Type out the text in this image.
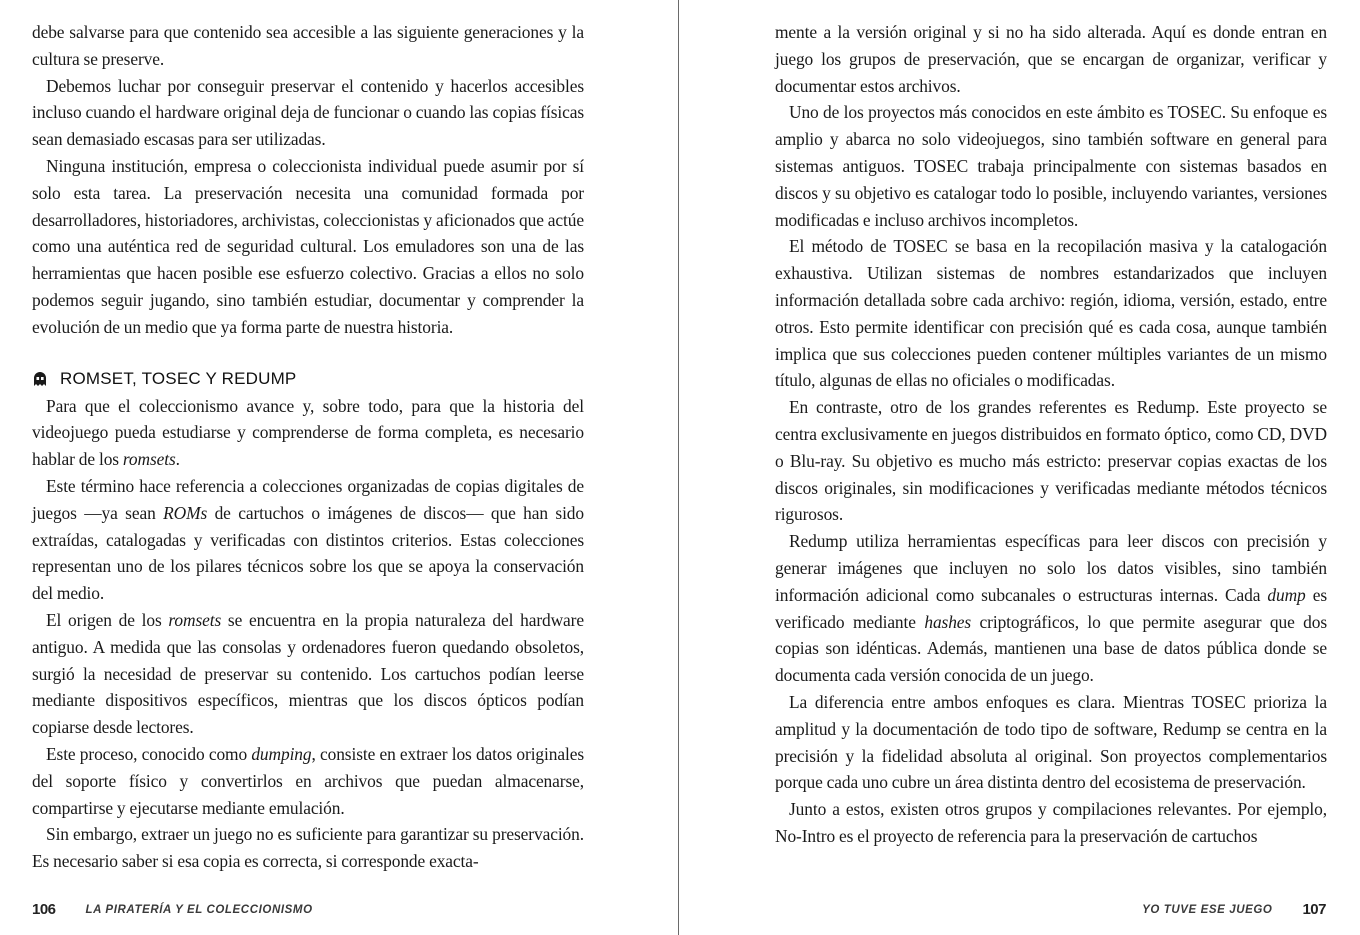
debe salvarse para que contenido sea accesible a las siguiente generaciones y la cultura se preserve.

Debemos luchar por conseguir preservar el contenido y hacerlos accesibles incluso cuando el hardware original deja de funcionar o cuando las copias físicas sean demasiado escasas para ser utilizadas.

Ninguna institución, empresa o coleccionista individual puede asumir por sí solo esta tarea. La preservación necesita una comunidad formada por desarrolladores, historiadores, archivistas, coleccionistas y aficionados que actúe como una auténtica red de seguridad cultural. Los emuladores son una de las herramientas que hacen posible ese esfuerzo colectivo. Gracias a ellos no solo podemos seguir jugando, sino también estudiar, documentar y comprender la evolución de un medio que ya forma parte de nuestra historia.

ROMSET, TOSEC Y REDUMP

Para que el coleccionismo avance y, sobre todo, para que la historia del videojuego pueda estudiarse y comprenderse de forma completa, es necesario hablar de los romsets.

Este término hace referencia a colecciones organizadas de copias digitales de juegos —ya sean ROMs de cartuchos o imágenes de discos— que han sido extraídas, catalogadas y verificadas con distintos criterios. Estas colecciones representan uno de los pilares técnicos sobre los que se apoya la conservación del medio.

El origen de los romsets se encuentra en la propia naturaleza del hardware antiguo. A medida que las consolas y ordenadores fueron quedando obsoletos, surgió la necesidad de preservar su contenido. Los cartuchos podían leerse mediante dispositivos específicos, mientras que los discos ópticos podían copiarse desde lectores.

Este proceso, conocido como dumping, consiste en extraer los datos originales del soporte físico y convertirlos en archivos que puedan almacenarse, compartirse y ejecutarse mediante emulación.

Sin embargo, extraer un juego no es suficiente para garantizar su preservación. Es necesario saber si esa copia es correcta, si corresponde exacta-

mente a la versión original y si no ha sido alterada. Aquí es donde entran en juego los grupos de preservación, que se encargan de organizar, verificar y documentar estos archivos.

Uno de los proyectos más conocidos en este ámbito es TOSEC. Su enfoque es amplio y abarca no solo videojuegos, sino también software en general para sistemas antiguos. TOSEC trabaja principalmente con sistemas basados en discos y su objetivo es catalogar todo lo posible, incluyendo variantes, versiones modificadas e incluso archivos incompletos.

El método de TOSEC se basa en la recopilación masiva y la catalogación exhaustiva. Utilizan sistemas de nombres estandarizados que incluyen información detallada sobre cada archivo: región, idioma, versión, estado, entre otros. Esto permite identificar con precisión qué es cada cosa, aunque también implica que sus colecciones pueden contener múltiples variantes de un mismo título, algunas de ellas no oficiales o modificadas.

En contraste, otro de los grandes referentes es Redump. Este proyecto se centra exclusivamente en juegos distribuidos en formato óptico, como CD, DVD o Blu-ray. Su objetivo es mucho más estricto: preservar copias exactas de los discos originales, sin modificaciones y verificadas mediante métodos técnicos rigurosos.

Redump utiliza herramientas específicas para leer discos con precisión y generar imágenes que incluyen no solo los datos visibles, sino también información adicional como subcanales o estructuras internas. Cada dump es verificado mediante hashes criptográficos, lo que permite asegurar que dos copias son idénticas. Además, mantienen una base de datos pública donde se documenta cada versión conocida de un juego.

La diferencia entre ambos enfoques es clara. Mientras TOSEC prioriza la amplitud y la documentación de todo tipo de software, Redump se centra en la precisión y la fidelidad absoluta al original. Son proyectos complementarios porque cada uno cubre un área distinta dentro del ecosistema de preservación.

Junto a estos, existen otros grupos y compilaciones relevantes. Por ejemplo, No-Intro es el proyecto de referencia para la preservación de cartuchos

106	LA PIRATERÍA Y EL COLECCIONISMO	YO TUVE ESE JUEGO 107
